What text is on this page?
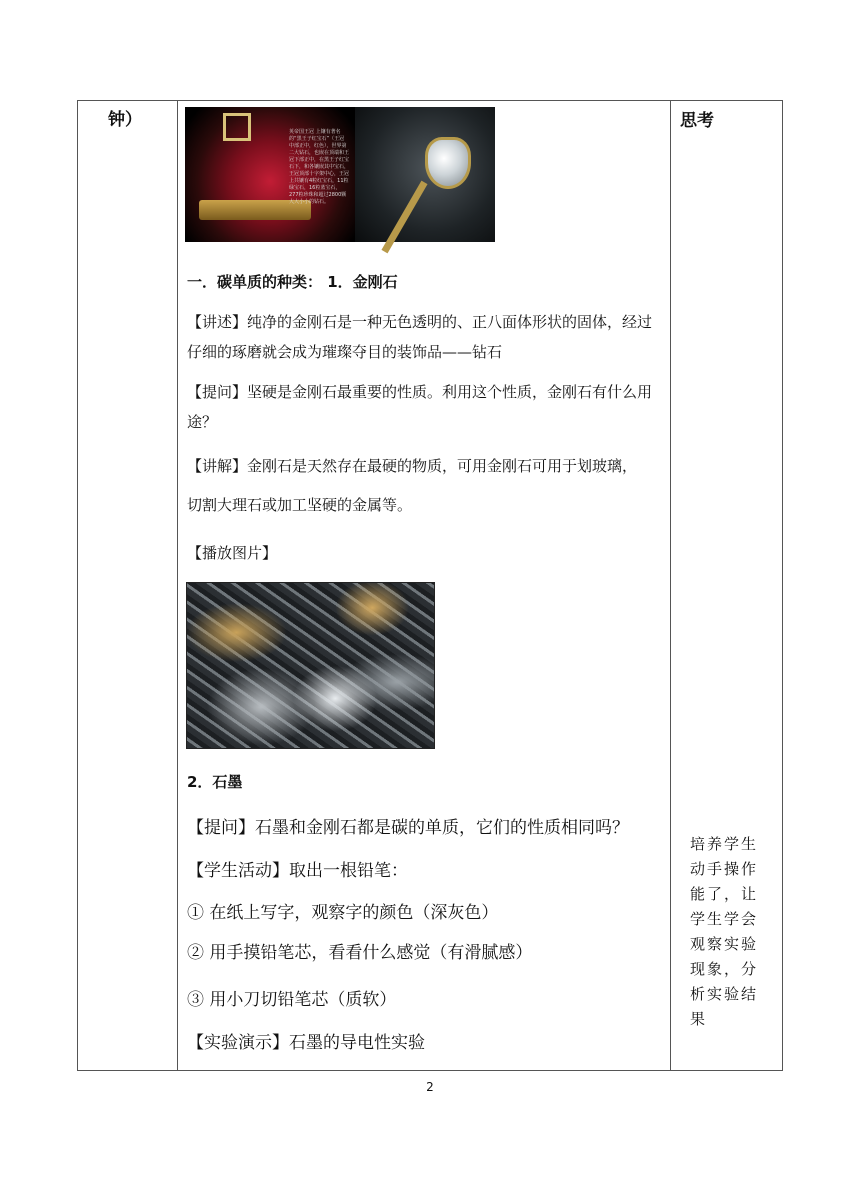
钟）	思考
培养学生动手操作能了，让学生学会观察实验现象，分析实验结果
英帝国王冠 上镶有著名的“黑王子红宝石”（王冠中部正中，红色），世界第二大钻石，也嵌在顶端和王冠下部正中，在黑王子红宝石下，和各镶嵌其中宝石，王冠顶部十字架中心，王冠上共镶有4粒红宝石，11粒绿宝石，16粒蓝宝石，277粒珍珠和超过2800颗大大小小的钻石。
一．碳单质的种类： 1．金刚石
【讲述】纯净的金刚石是一种无色透明的、正八面体形状的固体，经过仔细的琢磨就会成为璀璨夺目的装饰品——钻石
【提问】坚硬是金刚石最重要的性质。利用这个性质，金刚石有什么用途？
【讲解】金刚石是天然存在最硬的物质，可用金刚石可用于划玻璃，
切割大理石或加工坚硬的金属等。
【播放图片】
2．石墨
【提问】石墨和金刚石都是碳的单质，它们的性质相同吗？
【学生活动】取出一根铅笔：
① 在纸上写字，观察字的颜色（深灰色）
② 用手摸铅笔芯，看看什么感觉（有滑腻感）
③ 用小刀切铅笔芯（质软）
【实验演示】石墨的导电性实验
2
